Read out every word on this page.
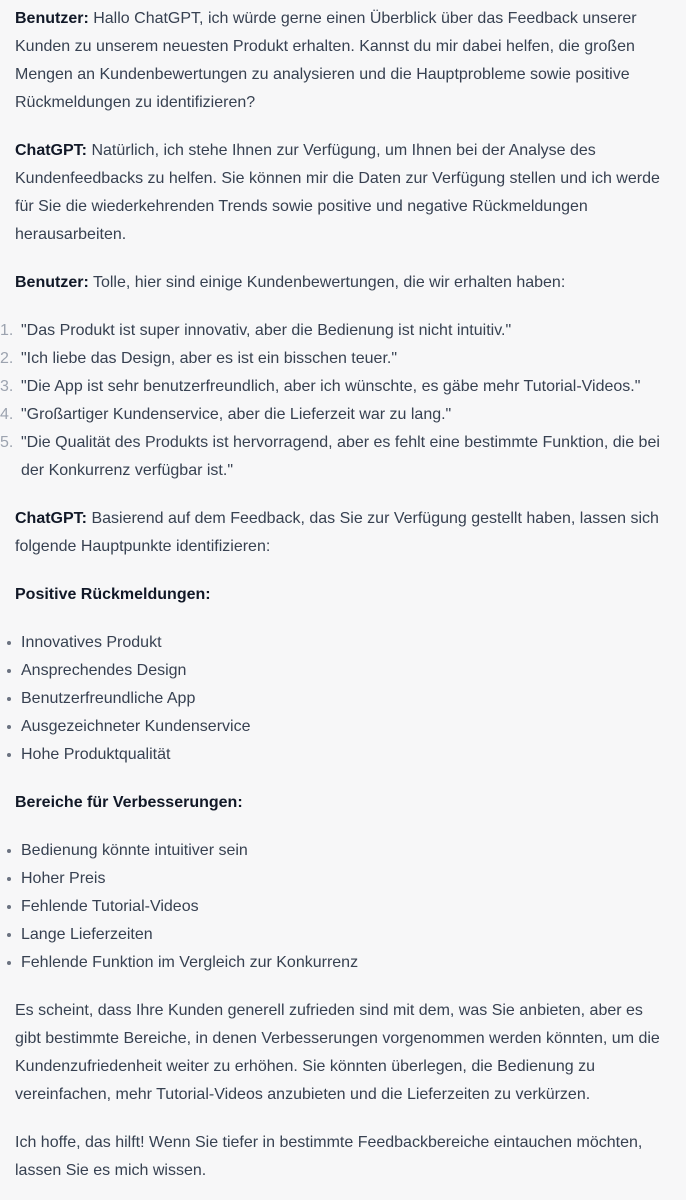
Benutzer: Hallo ChatGPT, ich würde gerne einen Überblick über das Feedback unserer Kunden zu unserem neuesten Produkt erhalten. Kannst du mir dabei helfen, die großen Mengen an Kundenbewertungen zu analysieren und die Hauptprobleme sowie positive Rückmeldungen zu identifizieren?

ChatGPT: Natürlich, ich stehe Ihnen zur Verfügung, um Ihnen bei der Analyse des Kundenfeedbacks zu helfen. Sie können mir die Daten zur Verfügung stellen und ich werde für Sie die wiederkehrenden Trends sowie positive und negative Rückmeldungen herausarbeiten.

Benutzer: Tolle, hier sind einige Kundenbewertungen, die wir erhalten haben:

1. "Das Produkt ist super innovativ, aber die Bedienung ist nicht intuitiv."
2. "Ich liebe das Design, aber es ist ein bisschen teuer."
3. "Die App ist sehr benutzerfreundlich, aber ich wünschte, es gäbe mehr Tutorial-Videos."
4. "Großartiger Kundenservice, aber die Lieferzeit war zu lang."
5. "Die Qualität des Produkts ist hervorragend, aber es fehlt eine bestimmte Funktion, die bei der Konkurrenz verfügbar ist."

ChatGPT: Basierend auf dem Feedback, das Sie zur Verfügung gestellt haben, lassen sich folgende Hauptpunkte identifizieren:

Positive Rückmeldungen:
Innovatives Produkt
Ansprechendes Design
Benutzerfreundliche App
Ausgezeichneter Kundenservice
Hohe Produktqualität
Bereiche für Verbesserungen:
Bedienung könnte intuitiver sein
Hoher Preis
Fehlende Tutorial-Videos
Lange Lieferzeiten
Fehlende Funktion im Vergleich zur Konkurrenz

Es scheint, dass Ihre Kunden generell zufrieden sind mit dem, was Sie anbieten, aber es gibt bestimmte Bereiche, in denen Verbesserungen vorgenommen werden könnten, um die Kundenzufriedenheit weiter zu erhöhen. Sie könnten überlegen, die Bedienung zu vereinfachen, mehr Tutorial-Videos anzubieten und die Lieferzeiten zu verkürzen.

Ich hoffe, das hilft! Wenn Sie tiefer in bestimmte Feedbackbereiche eintauchen möchten, lassen Sie es mich wissen.
